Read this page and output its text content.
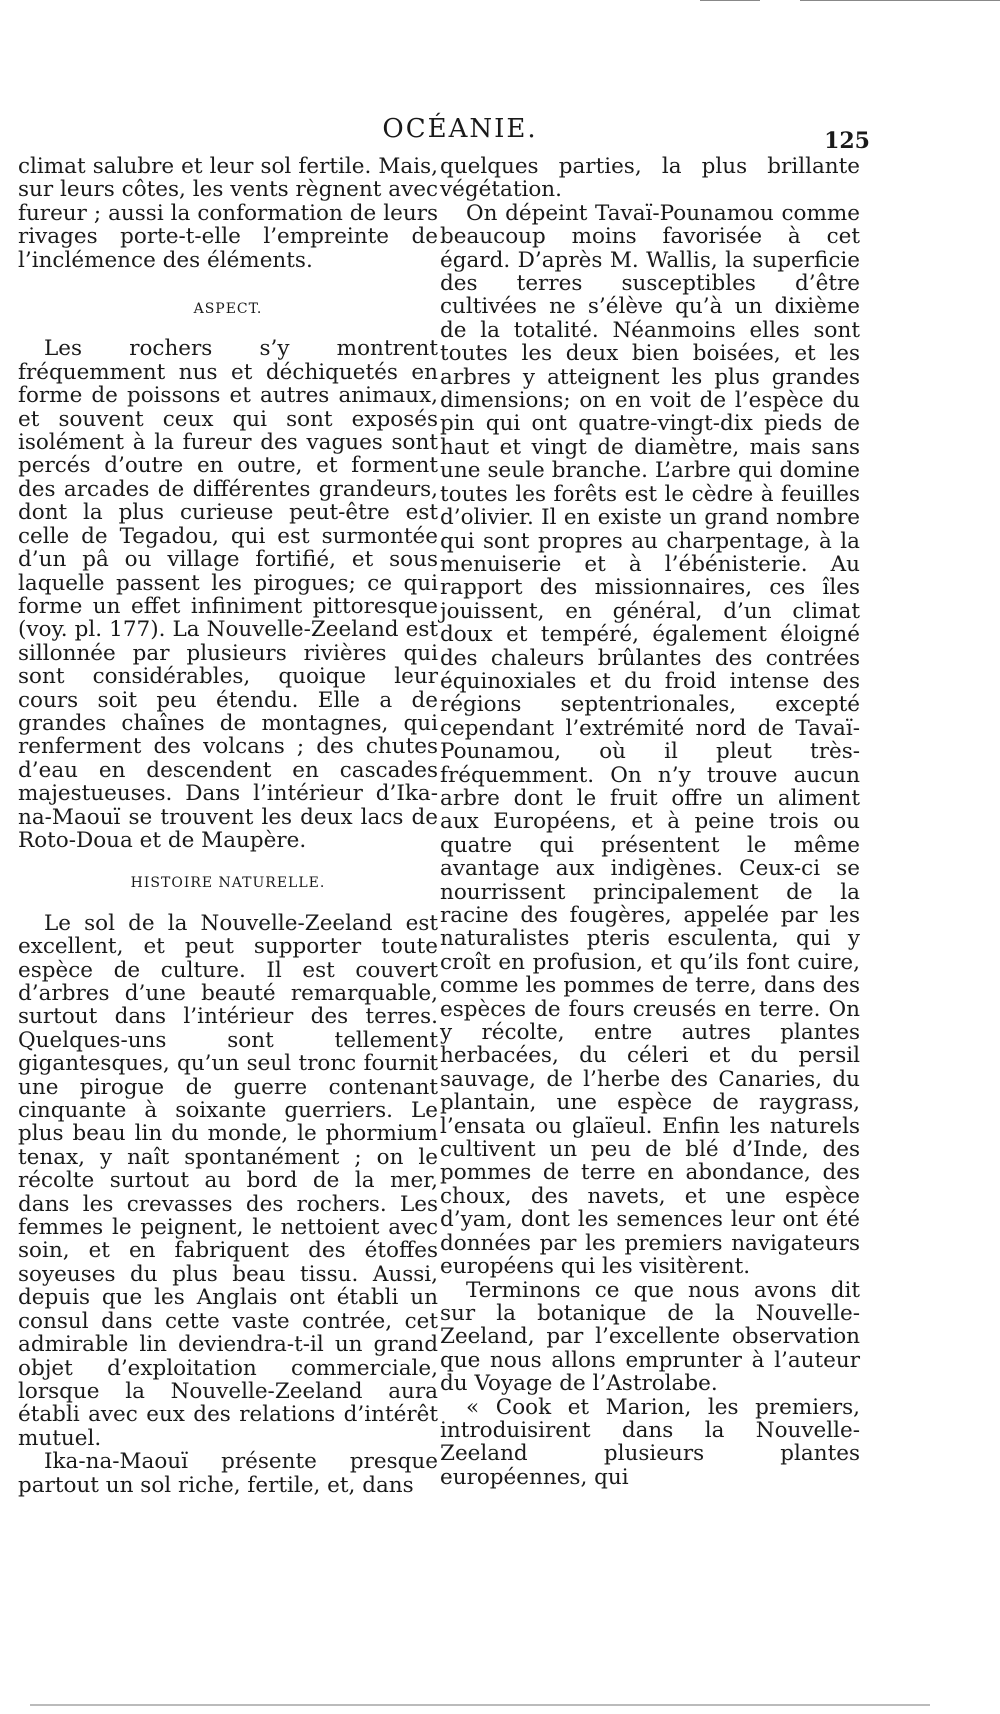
OCÉANIE.	125

climat salubre et leur sol fertile. Mais, sur leurs côtes, les vents règnent avec fureur ; aussi la conformation de leurs rivages porte-t-elle l’empreinte de l’inclémence des éléments.

ASPECT.

Les rochers s’y montrent fréquemment nus et déchiquetés en forme de poissons et autres animaux, et souvent ceux qui sont exposés isolément à la fureur des vagues sont percés d’outre en outre, et forment des arcades de différentes grandeurs, dont la plus curieuse peut-être est celle de Tegadou, qui est surmontée d’un pâ ou village fortifié, et sous laquelle passent les pirogues; ce qui forme un effet infiniment pittoresque (voy. pl. 177). La Nouvelle-Zeeland est sillonnée par plusieurs rivières qui sont considérables, quoique leur cours soit peu étendu. Elle a de grandes chaînes de montagnes, qui renferment des volcans ; des chutes d’eau en descendent en cascades majestueuses. Dans l’intérieur d’Ika-na-Maouï se trouvent les deux lacs de Roto-Doua et de Maupère.

HISTOIRE NATURELLE.

Le sol de la Nouvelle-Zeeland est excellent, et peut supporter toute espèce de culture. Il est couvert d’arbres d’une beauté remarquable, surtout dans l’intérieur des terres. Quelques-uns sont tellement gigantesques, qu’un seul tronc fournit une pirogue de guerre contenant cinquante à soixante guerriers. Le plus beau lin du monde, le phormium tenax, y naît spontanément ; on le récolte surtout au bord de la mer, dans les crevasses des rochers. Les femmes le peignent, le nettoient avec soin, et en fabriquent des étoffes soyeuses du plus beau tissu. Aussi, depuis que les Anglais ont établi un consul dans cette vaste contrée, cet admirable lin deviendra-t-il un grand objet d’exploitation commerciale, lorsque la Nouvelle-Zeeland aura établi avec eux des relations d’intérêt mutuel.

Ika-na-Maouï présente presque partout un sol riche, fertile, et, dans

quelques parties, la plus brillante végétation.

On dépeint Tavaï-Pounamou comme beaucoup moins favorisée à cet égard. D’après M. Wallis, la superficie des terres susceptibles d’être cultivées ne s’élève qu’à un dixième de la totalité. Néanmoins elles sont toutes les deux bien boisées, et les arbres y atteignent les plus grandes dimensions; on en voit de l’espèce du pin qui ont quatre-vingt-dix pieds de haut et vingt de diamètre, mais sans une seule branche. L’arbre qui domine toutes les forêts est le cèdre à feuilles d’olivier. Il en existe un grand nombre qui sont propres au charpentage, à la menuiserie et à l’ébénisterie. Au rapport des missionnaires, ces îles jouissent, en général, d’un climat doux et tempéré, également éloigné des chaleurs brûlantes des contrées équinoxiales et du froid intense des régions septentrionales, excepté cependant l’extrémité nord de Tavaï-Pounamou, où il pleut très-fréquemment. On n’y trouve aucun arbre dont le fruit offre un aliment aux Européens, et à peine trois ou quatre qui présentent le même avantage aux indigènes. Ceux-ci se nourrissent principalement de la racine des fougères, appelée par les naturalistes pteris esculenta, qui y croît en profusion, et qu’ils font cuire, comme les pommes de terre, dans des espèces de fours creusés en terre. On y récolte, entre autres plantes herbacées, du céleri et du persil sauvage, de l’herbe des Canaries, du plantain, une espèce de raygrass, l’ensata ou glaïeul. Enfin les naturels cultivent un peu de blé d’Inde, des pommes de terre en abondance, des choux, des navets, et une espèce d’yam, dont les semences leur ont été données par les premiers navigateurs européens qui les visitèrent.

Terminons ce que nous avons dit sur la botanique de la Nouvelle-Zeeland, par l’excellente observation que nous allons emprunter à l’auteur du Voyage de l’Astrolabe.

« Cook et Marion, les premiers, introduisirent dans la Nouvelle-Zeeland plusieurs plantes européennes, qui
